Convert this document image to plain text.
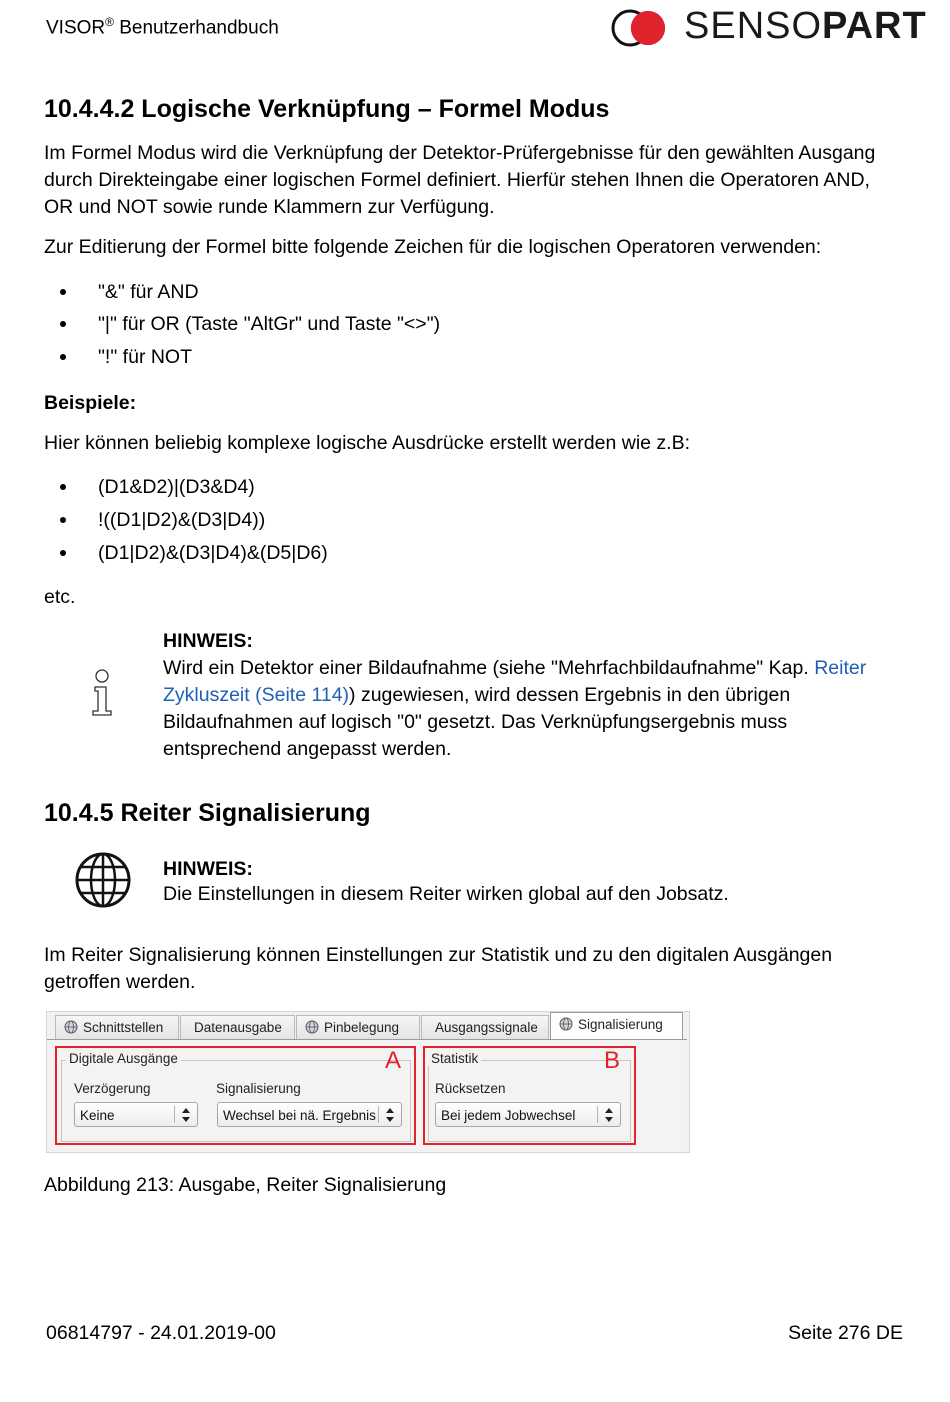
VISOR® Benutzerhandbuch	SENSOPART
10.4.4.2 Logische Verknüpfung – Formel Modus

Im Formel Modus wird die Verknüpfung der Detektor-Prüfergebnisse für den gewählten Ausgang durch Direkteingabe einer logischen Formel definiert. Hierfür stehen Ihnen die Operatoren AND, OR und NOT sowie runde Klammern zur Verfügung.

Zur Editierung der Formel bitte folgende Zeichen für die logischen Operatoren verwenden:

"&" für AND
"|" für OR (Taste "AltGr" und Taste "<>")
"!" für NOT

Beispiele:

Hier können beliebig komplexe logische Ausdrücke erstellt werden wie z.B:

(D1&D2)|(D3&D4)
!((D1|D2)&(D3|D4))
(D1|D2)&(D3|D4)&(D5|D6)

etc.

HINWEIS:
Wird ein Detektor einer Bildaufnahme (siehe "Mehrfachbildaufnahme" Kap. Reiter Zykluszeit (Seite 114)) zugewiesen, wird dessen Ergebnis in den übrigen Bildaufnahmen auf logisch "0" gesetzt. Das Verknüpfungsergebnis muss entsprechend angepasst werden.
10.4.5 Reiter Signalisierung
HINWEIS:
Die Einstellungen in diesem Reiter wirken global auf den Jobsatz.

Im Reiter Signalisierung können Einstellungen zur Statistik und zu den digitalen Ausgängen getroffen werden.

Schnittstellen	Datenausgabe	Pinbelegung	Ausgangssignale	Signalisierung
Digitale Ausgänge	A
Verzögerung
Keine
Signalisierung
Wechsel bei nä. Ergebnis
Statistik	B
Rücksetzen
Bei jedem Jobwechsel
Abbildung 213: Ausgabe, Reiter Signalisierung
06814797 - 24.01.2019-00	Seite 276 DE
